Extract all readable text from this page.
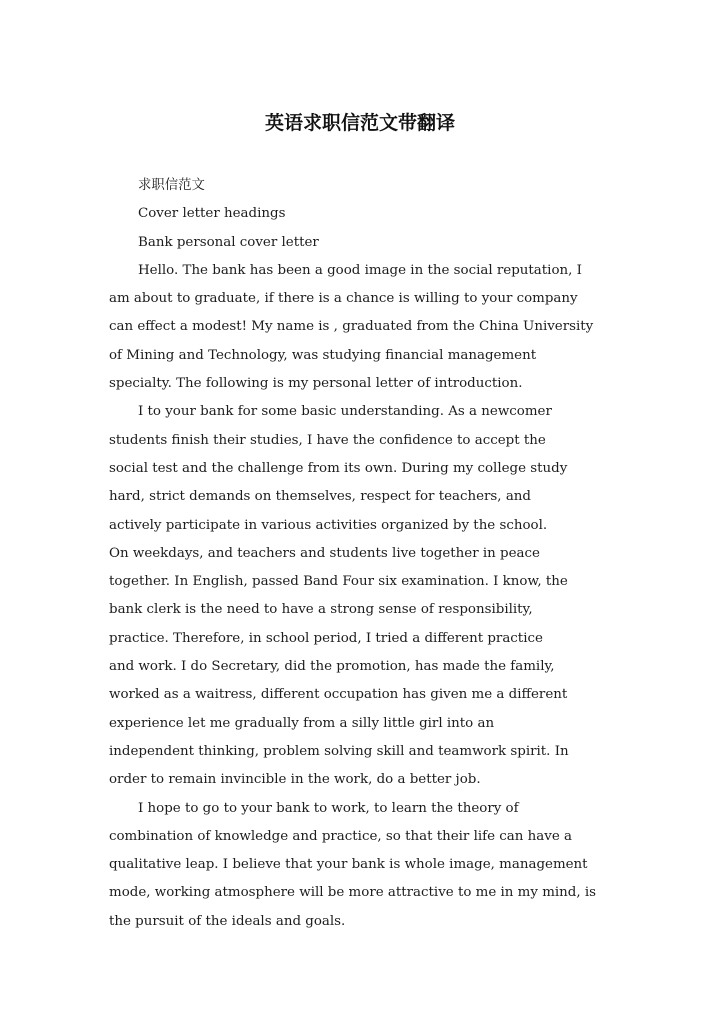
英语求职信范文带翻译
求职信范文
Cover letter headings
Bank personal cover letter
Hello. The bank has been a good image in the social reputation, I
am about to graduate, if there is a chance is willing to your company
can effect a modest! My name is , graduated from the China University
of Mining and Technology, was studying financial management
specialty. The following is my personal letter of introduction.
I to your bank for some basic understanding. As a newcomer
students finish their studies, I have the confidence to accept the
social test and the challenge from its own. During my college study
hard, strict demands on themselves, respect for teachers, and
actively participate in various activities organized by the school.
On weekdays, and teachers and students live together in peace
together. In English, passed Band Four six examination. I know, the
bank clerk is the need to have a strong sense of responsibility,
practice. Therefore, in school period, I tried a different practice
and work. I do Secretary, did the promotion, has made the family,
worked as a waitress, different occupation has given me a different
experience let me gradually from a silly little girl into an
independent thinking, problem solving skill and teamwork spirit. In
order to remain invincible in the work, do a better job.
I hope to go to your bank to work, to learn the theory of
combination of knowledge and practice, so that their life can have a
qualitative leap. I believe that your bank is whole image, management
mode, working atmosphere will be more attractive to me in my mind, is
the pursuit of the ideals and goals.
